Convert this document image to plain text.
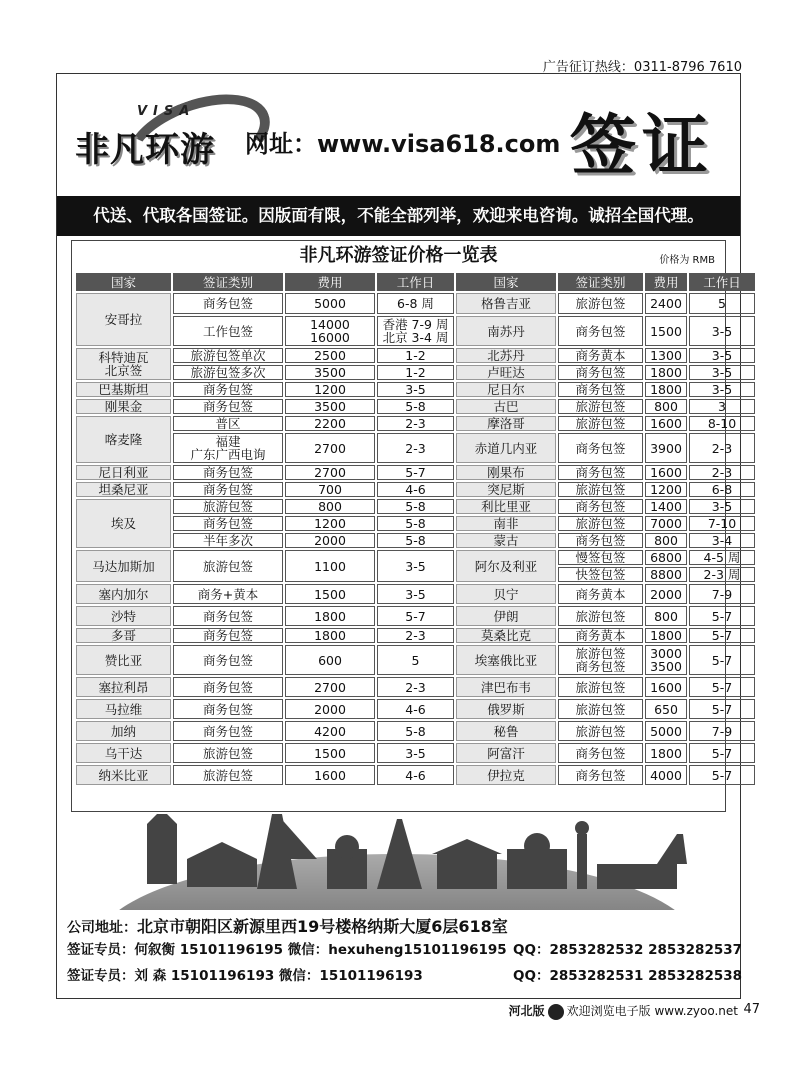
广告征订热线：0311-8796 7610
VISA
非凡环游 网址：www.visa618.com 签证
代送、代取各国签证。因版面有限，不能全部列举，欢迎来电咨询。诚招全国代理。
非凡环游签证价格一览表	价格为 RMB
国家	签证类别	费用	工作日	国家	签证类别	费用	工作日
安哥拉	商务包签	5000	6-8 周	格鲁吉亚	旅游包签	2400	5
	工作包签	14000
16000	香港 7-9 周
北京 3-4 周	南苏丹	商务包签	1500	3-5
科特迪瓦
北京签	旅游包签单次	2500	1-2	北苏丹	商务黄本	1300	3-5
	旅游包签多次	3500	1-2	卢旺达	商务包签	1800	3-5
巴基斯坦	商务包签	1200	3-5	尼日尔	商务包签	1800	3-5
刚果金	商务包签	3500	5-8	古巴	旅游包签	800	3
喀麦隆	普区	2200	2-3	摩洛哥	旅游包签	1600	8-10
	福建
广东广西电询	2700	2-3	赤道几内亚	商务包签	3900	2-3
尼日利亚	商务包签	2700	5-7	刚果布	商务包签	1600	2-3
坦桑尼亚	商务包签	700	4-6	突尼斯	旅游包签	1200	6-8
埃及	旅游包签	800	5-8	利比里亚	商务包签	1400	3-5
	商务包签	1200	5-8	南非	旅游包签	7000	7-10
	半年多次	2000	5-8	蒙古	商务包签	800	3-4
马达加斯加	旅游包签	1100	3-5	阿尔及利亚	慢签包签	6800	4-5 周
					快签包签	8800	2-3 周
塞内加尔	商务+黄本	1500	3-5	贝宁	商务黄本	2000	7-9
沙特	商务包签	1800	5-7	伊朗	旅游包签	800	5-7
多哥	商务包签	1800	2-3	莫桑比克	商务黄本	1800	5-7
赞比亚	商务包签	600	5	埃塞俄比亚	旅游包签
商务包签	3000
3500	5-7
塞拉利昂	商务包签	2700	2-3	津巴布韦	旅游包签	1600	5-7
马拉维	商务包签	2000	4-6	俄罗斯	旅游包签	650	5-7
加纳	商务包签	4200	5-8	秘鲁	旅游包签	5000	7-9
乌干达	旅游包签	1500	3-5	阿富汗	商务包签	1800	5-7
纳米比亚	旅游包签	1600	4-6	伊拉克	商务包签	4000	5-7
公司地址：北京市朝阳区新源里西19号楼格纳斯大厦6层618室
签证专员：何叙衡 15101196195 微信：hexuheng15101196195 QQ：2853282532 2853282537
签证专员：刘 森 15101196193 微信：15101196193	QQ：2853282531 2853282538
河北版 欢迎浏览电子版 www.zyoo.net 47
